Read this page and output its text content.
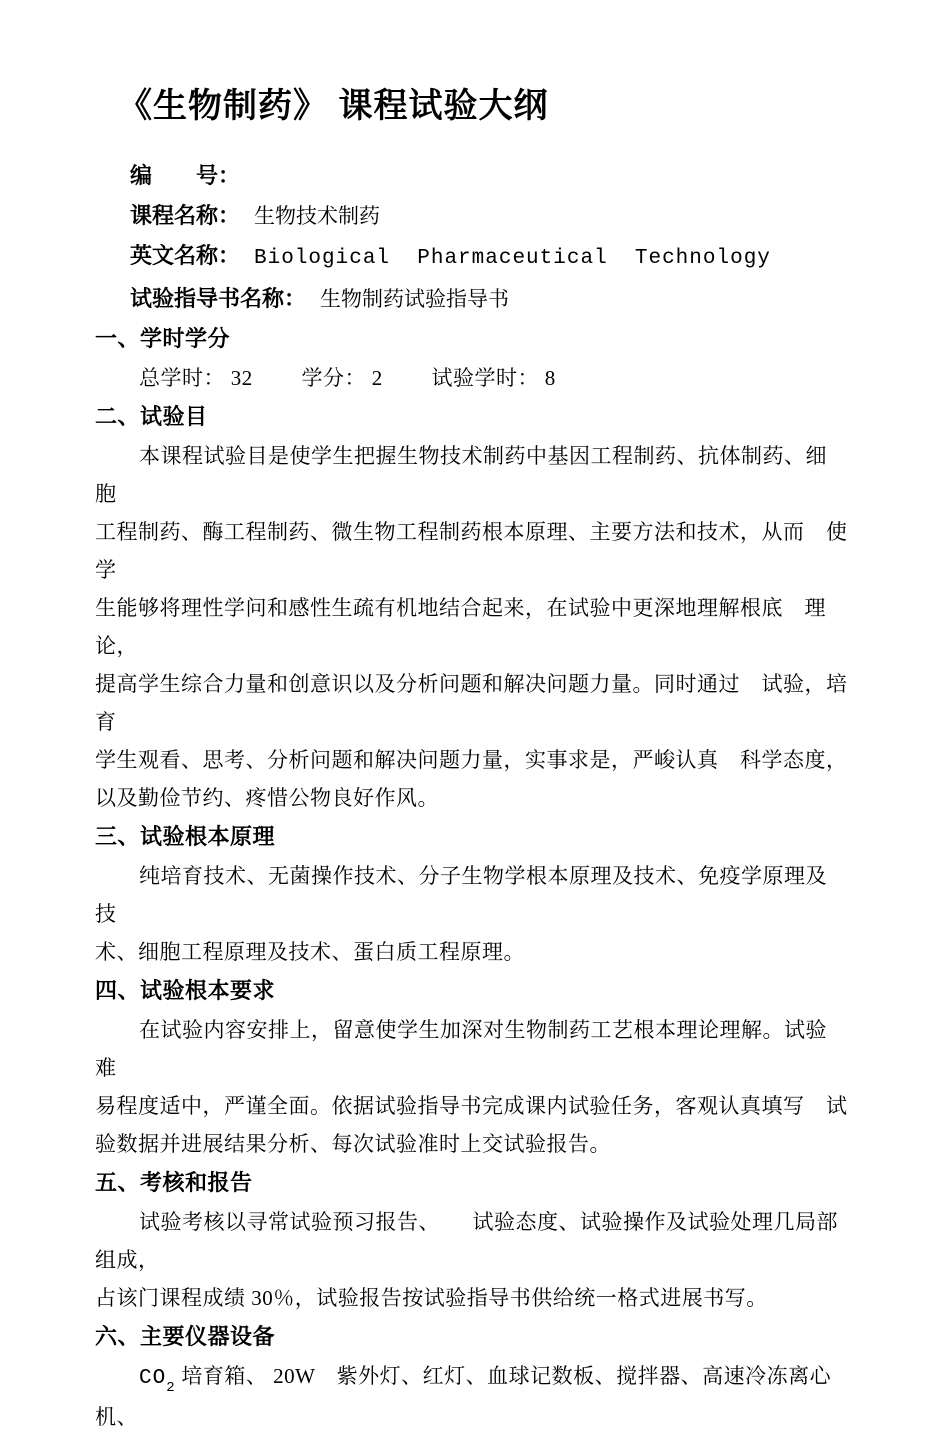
《生物制药》 课程试验大纲
编　　号：
课程名称： 生物技术制药
英文名称： Biological  Pharmaceutical  Technology
试验指导书名称： 生物制药试验指导书
一、学时学分

总学时： 32　　 学分： 2　　 试验学时： 8

二、试验目

本课程试验目是使学生把握生物技术制药中基因工程制药、抗体制药、细　胞

工程制药、酶工程制药、微生物工程制药根本原理、主要方法和技术，从而　使学

生能够将理性学问和感性生疏有机地结合起来，在试验中更深地理解根底　理论，

提高学生综合力量和创意识以及分析问题和解决问题力量。同时通过　试验，培育

学生观看、思考、分析问题和解决问题力量，实事求是，严峻认真　科学态度，

以及勤俭节约、疼惜公物良好作风。

三、试验根本原理

纯培育技术、无菌操作技术、分子生物学根本原理及技术、免疫学原理及　技

术、细胞工程原理及技术、蛋白质工程原理。

四、试验根本要求

在试验内容安排上，留意使学生加深对生物制药工艺根本理论理解。试验　难

易程度适中，严谨全面。依据试验指导书完成课内试验任务，客观认真填写　试

验数据并进展结果分析、每次试验准时上交试验报告。

五、考核和报告

试验考核以寻常试验预习报告、　　试验态度、试验操作及试验处理几局部组成，

占该门课程成绩 30％，试验报告按试验指导书供给统一格式进展书写。

六、主要仪器设备

$CO_2$ 培育箱、 20W　紫外灯、红灯、血球记数板、搅拌器、高速冷冻离心机、
